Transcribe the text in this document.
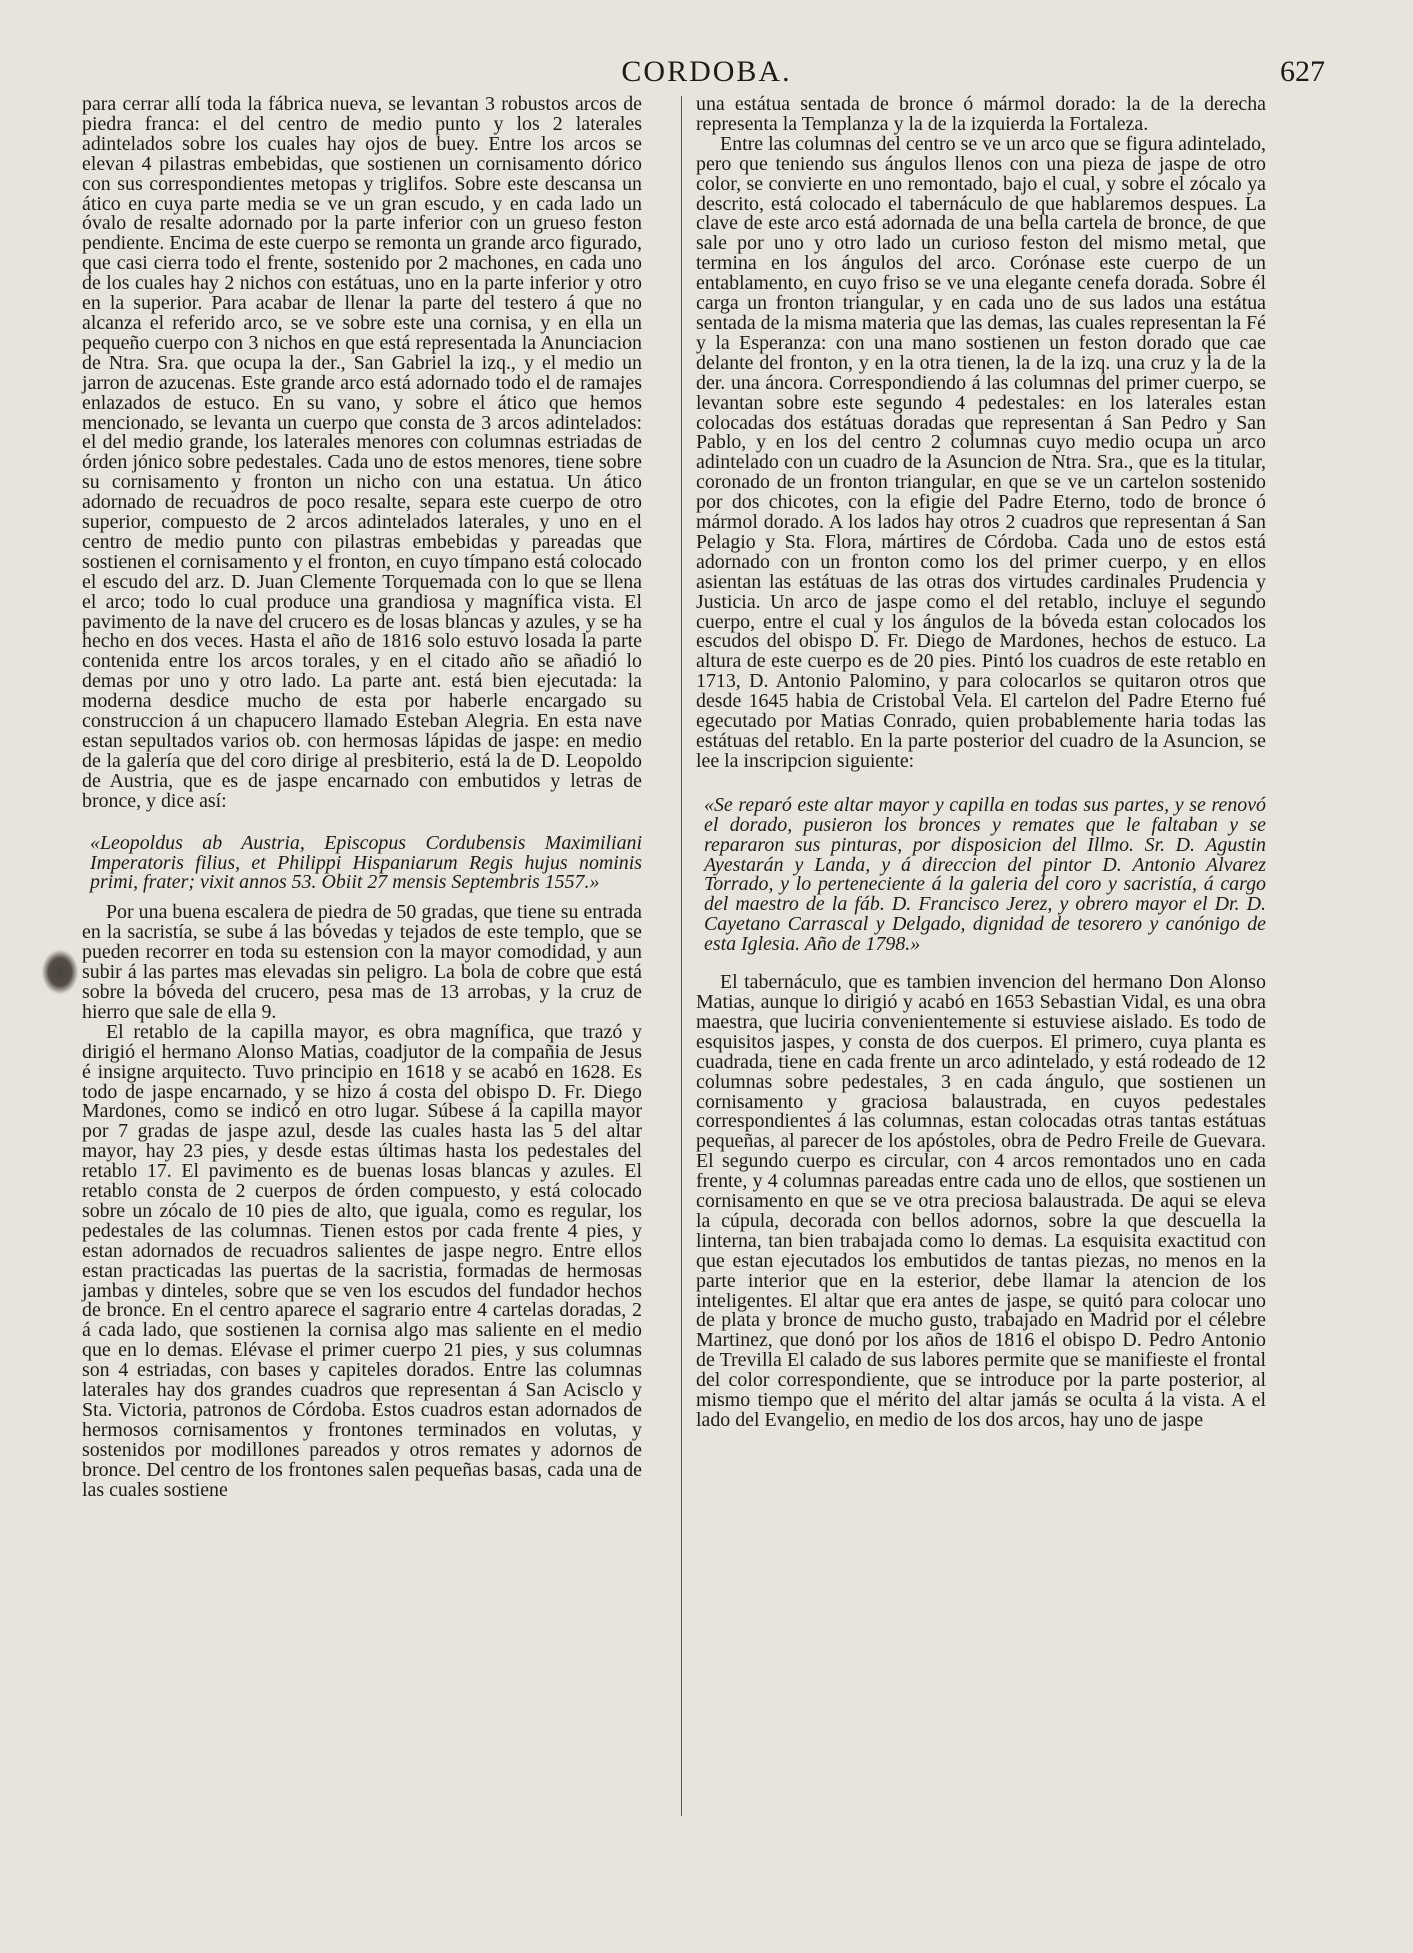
CORDOBA.	627

para cerrar allí toda la fábrica nueva, se levantan 3 robustos arcos de piedra franca: el del centro de medio punto y los 2 laterales adintelados sobre los cuales hay ojos de buey. Entre los arcos se elevan 4 pilastras embebidas, que sostienen un cornisamento dórico con sus correspondientes metopas y triglifos. Sobre este descansa un ático en cuya parte media se ve un gran escudo, y en cada lado un óvalo de resalte adornado por la parte inferior con un grueso feston pendiente. Encima de este cuerpo se remonta un grande arco figurado, que casi cierra todo el frente, sostenido por 2 machones, en cada uno de los cuales hay 2 nichos con estátuas, uno en la parte inferior y otro en la superior. Para acabar de llenar la parte del testero á que no alcanza el referido arco, se ve sobre este una cornisa, y en ella un pequeño cuerpo con 3 nichos en que está representada la Anunciacion de Ntra. Sra. que ocupa la der., San Gabriel la izq., y el medio un jarron de azucenas. Este grande arco está adornado todo el de ramajes enlazados de estuco. En su vano, y sobre el ático que hemos mencionado, se levanta un cuerpo que consta de 3 arcos adintelados: el del medio grande, los laterales menores con columnas estriadas de órden jónico sobre pedestales. Cada uno de estos menores, tiene sobre su cornisamento y fronton un nicho con una estatua. Un ático adornado de recuadros de poco resalte, separa este cuerpo de otro superior, compuesto de 2 arcos adintelados laterales, y uno en el centro de medio punto con pilastras embebidas y pareadas que sostienen el cornisamento y el fronton, en cuyo tímpano está colocado el escudo del arz. D. Juan Clemente Torquemada con lo que se llena el arco; todo lo cual produce una grandiosa y magnífica vista. El pavimento de la nave del crucero es de losas blancas y azules, y se ha hecho en dos veces. Hasta el año de 1816 solo estuvo losada la parte contenida entre los arcos torales, y en el citado año se añadió lo demas por uno y otro lado. La parte ant. está bien ejecutada: la moderna desdice mucho de esta por haberle encargado su construccion á un chapucero llamado Esteban Alegria. En esta nave estan sepultados varios ob. con hermosas lápidas de jaspe: en medio de la galería que del coro dirige al presbiterio, está la de D. Leopoldo de Austria, que es de jaspe encarnado con embutidos y letras de bronce, y dice así:

«Leopoldus ab Austria, Episcopus Cordubensis Maximiliani Imperatoris filius, et Philippi Hispaniarum Regis hujus nominis primi, frater; vixit annos 53. Obiit 27 mensis Septembris 1557.»

Por una buena escalera de piedra de 50 gradas, que tiene su entrada en la sacristía, se sube á las bóvedas y tejados de este templo, que se pueden recorrer en toda su estension con la mayor comodidad, y aun subir á las partes mas elevadas sin peligro. La bola de cobre que está sobre la bóveda del crucero, pesa mas de 13 arrobas, y la cruz de hierro que sale de ella 9.

El retablo de la capilla mayor, es obra magnífica, que trazó y dirigió el hermano Alonso Matias, coadjutor de la compañia de Jesus é insigne arquitecto. Tuvo principio en 1618 y se acabó en 1628. Es todo de jaspe encarnado, y se hizo á costa del obispo D. Fr. Diego Mardones, como se indicó en otro lugar. Súbese á la capilla mayor por 7 gradas de jaspe azul, desde las cuales hasta las 5 del altar mayor, hay 23 pies, y desde estas últimas hasta los pedestales del retablo 17. El pavimento es de buenas losas blancas y azules. El retablo consta de 2 cuerpos de órden compuesto, y está colocado sobre un zócalo de 10 pies de alto, que iguala, como es regular, los pedestales de las columnas. Tienen estos por cada frente 4 pies, y estan adornados de recuadros salientes de jaspe negro. Entre ellos estan practicadas las puertas de la sacristia, formadas de hermosas jambas y dinteles, sobre que se ven los escudos del fundador hechos de bronce. En el centro aparece el sagrario entre 4 cartelas doradas, 2 á cada lado, que sostienen la cornisa algo mas saliente en el medio que en lo demas. Elévase el primer cuerpo 21 pies, y sus columnas son 4 estriadas, con bases y capiteles dorados. Entre las columnas laterales hay dos grandes cuadros que representan á San Acisclo y Sta. Victoria, patronos de Córdoba. Estos cuadros estan adornados de hermosos cornisamentos y frontones terminados en volutas, y sostenidos por modillones pareados y otros remates y adornos de bronce. Del centro de los frontones salen pequeñas basas, cada una de las cuales sostiene

una estátua sentada de bronce ó mármol dorado: la de la derecha representa la Templanza y la de la izquierda la Fortaleza.

Entre las columnas del centro se ve un arco que se figura adintelado, pero que teniendo sus ángulos llenos con una pieza de jaspe de otro color, se convierte en uno remontado, bajo el cual, y sobre el zócalo ya descrito, está colocado el tabernáculo de que hablaremos despues. La clave de este arco está adornada de una bella cartela de bronce, de que sale por uno y otro lado un curioso feston del mismo metal, que termina en los ángulos del arco. Corónase este cuerpo de un entablamento, en cuyo friso se ve una elegante cenefa dorada. Sobre él carga un fronton triangular, y en cada uno de sus lados una estátua sentada de la misma materia que las demas, las cuales representan la Fé y la Esperanza: con una mano sostienen un feston dorado que cae delante del fronton, y en la otra tienen, la de la izq. una cruz y la de la der. una áncora. Correspondiendo á las columnas del primer cuerpo, se levantan sobre este segundo 4 pedestales: en los laterales estan colocadas dos estátuas doradas que representan á San Pedro y San Pablo, y en los del centro 2 columnas cuyo medio ocupa un arco adintelado con un cuadro de la Asuncion de Ntra. Sra., que es la titular, coronado de un fronton triangular, en que se ve un cartelon sostenido por dos chicotes, con la efigie del Padre Eterno, todo de bronce ó mármol dorado. A los lados hay otros 2 cuadros que representan á San Pelagio y Sta. Flora, mártires de Córdoba. Cada uno de estos está adornado con un fronton como los del primer cuerpo, y en ellos asientan las estátuas de las otras dos virtudes cardinales Prudencia y Justicia. Un arco de jaspe como el del retablo, incluye el segundo cuerpo, entre el cual y los ángulos de la bóveda estan colocados los escudos del obispo D. Fr. Diego de Mardones, hechos de estuco. La altura de este cuerpo es de 20 pies. Pintó los cuadros de este retablo en 1713, D. Antonio Palomino, y para colocarlos se quitaron otros que desde 1645 habia de Cristobal Vela. El cartelon del Padre Eterno fué egecutado por Matias Conrado, quien probablemente haria todas las estátuas del retablo. En la parte posterior del cuadro de la Asuncion, se lee la inscripcion siguiente:

«Se reparó este altar mayor y capilla en todas sus partes, y se renovó el dorado, pusieron los bronces y remates que le faltaban y se repararon sus pinturas, por disposicion del Illmo. Sr. D. Agustin Ayestarán y Landa, y á direccion del pintor D. Antonio Alvarez Torrado, y lo perteneciente á la galeria del coro y sacristía, á cargo del maestro de la fáb. D. Francisco Jerez, y obrero mayor el Dr. D. Cayetano Carrascal y Delgado, dignidad de tesorero y canónigo de esta Iglesia. Año de 1798.»

El tabernáculo, que es tambien invencion del hermano Don Alonso Matias, aunque lo dirigió y acabó en 1653 Sebastian Vidal, es una obra maestra, que luciria convenientemente si estuviese aislado. Es todo de esquisitos jaspes, y consta de dos cuerpos. El primero, cuya planta es cuadrada, tiene en cada frente un arco adintelado, y está rodeado de 12 columnas sobre pedestales, 3 en cada ángulo, que sostienen un cornisamento y graciosa balaustrada, en cuyos pedestales correspondientes á las columnas, estan colocadas otras tantas estátuas pequeñas, al parecer de los apóstoles, obra de Pedro Freile de Guevara. El segundo cuerpo es circular, con 4 arcos remontados uno en cada frente, y 4 columnas pareadas entre cada uno de ellos, que sostienen un cornisamento en que se ve otra preciosa balaustrada. De aqui se eleva la cúpula, decorada con bellos adornos, sobre la que descuella la linterna, tan bien trabajada como lo demas. La esquisita exactitud con que estan ejecutados los embutidos de tantas piezas, no menos en la parte interior que en la esterior, debe llamar la atencion de los inteligentes. El altar que era antes de jaspe, se quitó para colocar uno de plata y bronce de mucho gusto, trabajado en Madrid por el célebre Martinez, que donó por los años de 1816 el obispo D. Pedro Antonio de Trevilla El calado de sus labores permite que se manifieste el frontal del color correspondiente, que se introduce por la parte posterior, al mismo tiempo que el mérito del altar jamás se oculta á la vista. A el lado del Evangelio, en medio de los dos arcos, hay uno de jaspe
